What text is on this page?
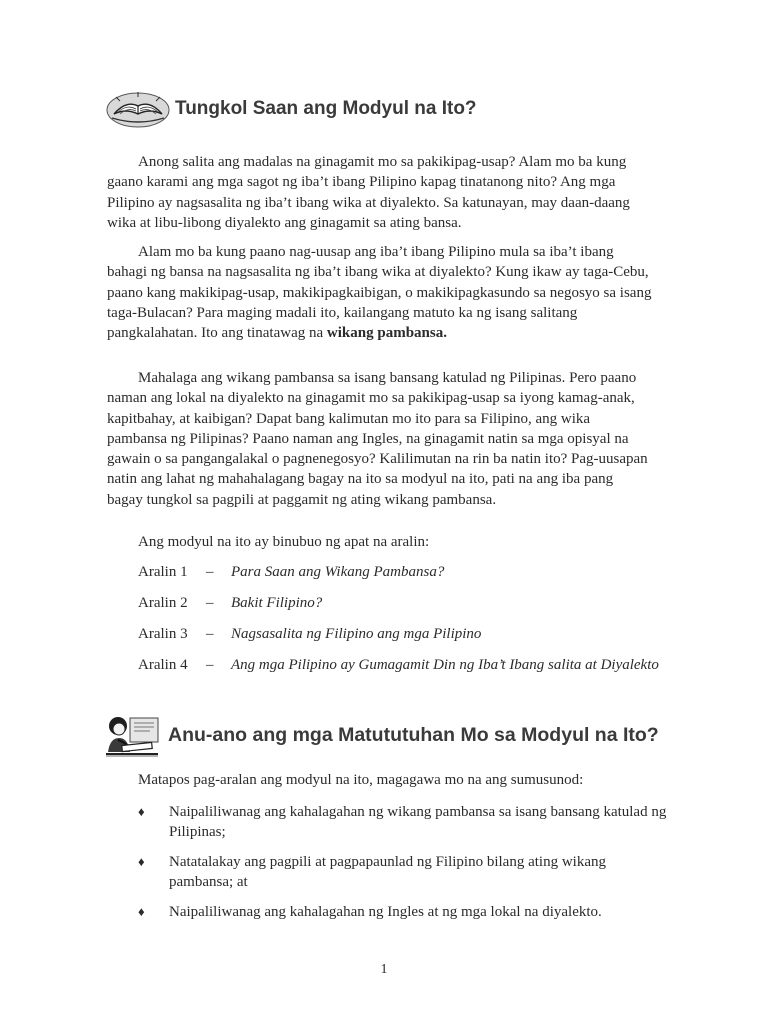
Tungkol Saan ang Modyul na Ito?

Anong salita ang madalas na ginagamit mo sa pakikipag-usap? Alam mo ba kung gaano karami ang mga sagot ng iba’t ibang Pilipino kapag tinatanong nito? Ang mga Pilipino ay nagsasalita ng iba’t ibang wika at diyalekto. Sa katunayan, may daan-daang wika at libu-libong diyalekto ang ginagamit sa ating bansa.

Alam mo ba kung paano nag-uusap ang iba’t ibang Pilipino mula sa iba’t ibang bahagi ng bansa na nagsasalita ng iba’t ibang wika at diyalekto? Kung ikaw ay taga-Cebu, paano kang makikipag-usap, makikipagkaibigan, o makikipagkasundo sa negosyo sa isang taga-Bulacan? Para maging madali ito, kailangang matuto ka ng isang salitang pangkalahatan. Ito ang tinatawag na wikang pambansa.

Mahalaga ang wikang pambansa sa isang bansang katulad ng Pilipinas. Pero paano naman ang lokal na diyalekto na ginagamit mo sa pakikipag-usap sa iyong kamag-anak, kapitbahay, at kaibigan? Dapat bang kalimutan mo ito para sa Filipino, ang wika pambansa ng Pilipinas? Paano naman ang Ingles, na ginagamit natin sa mga opisyal na gawain o sa pangangalakal o pagnenegosyo? Kalilimutan na rin ba natin ito? Pag-uusapan natin ang lahat ng mahahalagang bagay na ito sa modyul na ito, pati na ang iba pang bagay tungkol sa pagpili at paggamit ng ating wikang pambansa.

Ang modyul na ito ay binubuo ng apat na aralin:

Aralin 1	– Para Saan ang Wikang Pambansa?
Aralin 2	– Bakit Filipino?
Aralin 3	– Nagsasalita ng Filipino ang mga Pilipino
Aralin 4	– Ang mga Pilipino ay Gumagamit Din ng Iba’t Ibang salita at Diyalekto
Anu-ano ang mga Matututuhan Mo sa Modyul na Ito?

Matapos pag-aralan ang modyul na ito, magagawa mo na ang sumusunod:

♦ Naipaliliwanag ang kahalagahan ng wikang pambansa sa isang bansang katulad ng Pilipinas;
♦ Natatalakay ang pagpili at pagpapaunlad ng Filipino bilang ating wikang pambansa; at
♦ Naipaliliwanag ang kahalagahan ng Ingles at ng mga lokal na diyalekto.
1
